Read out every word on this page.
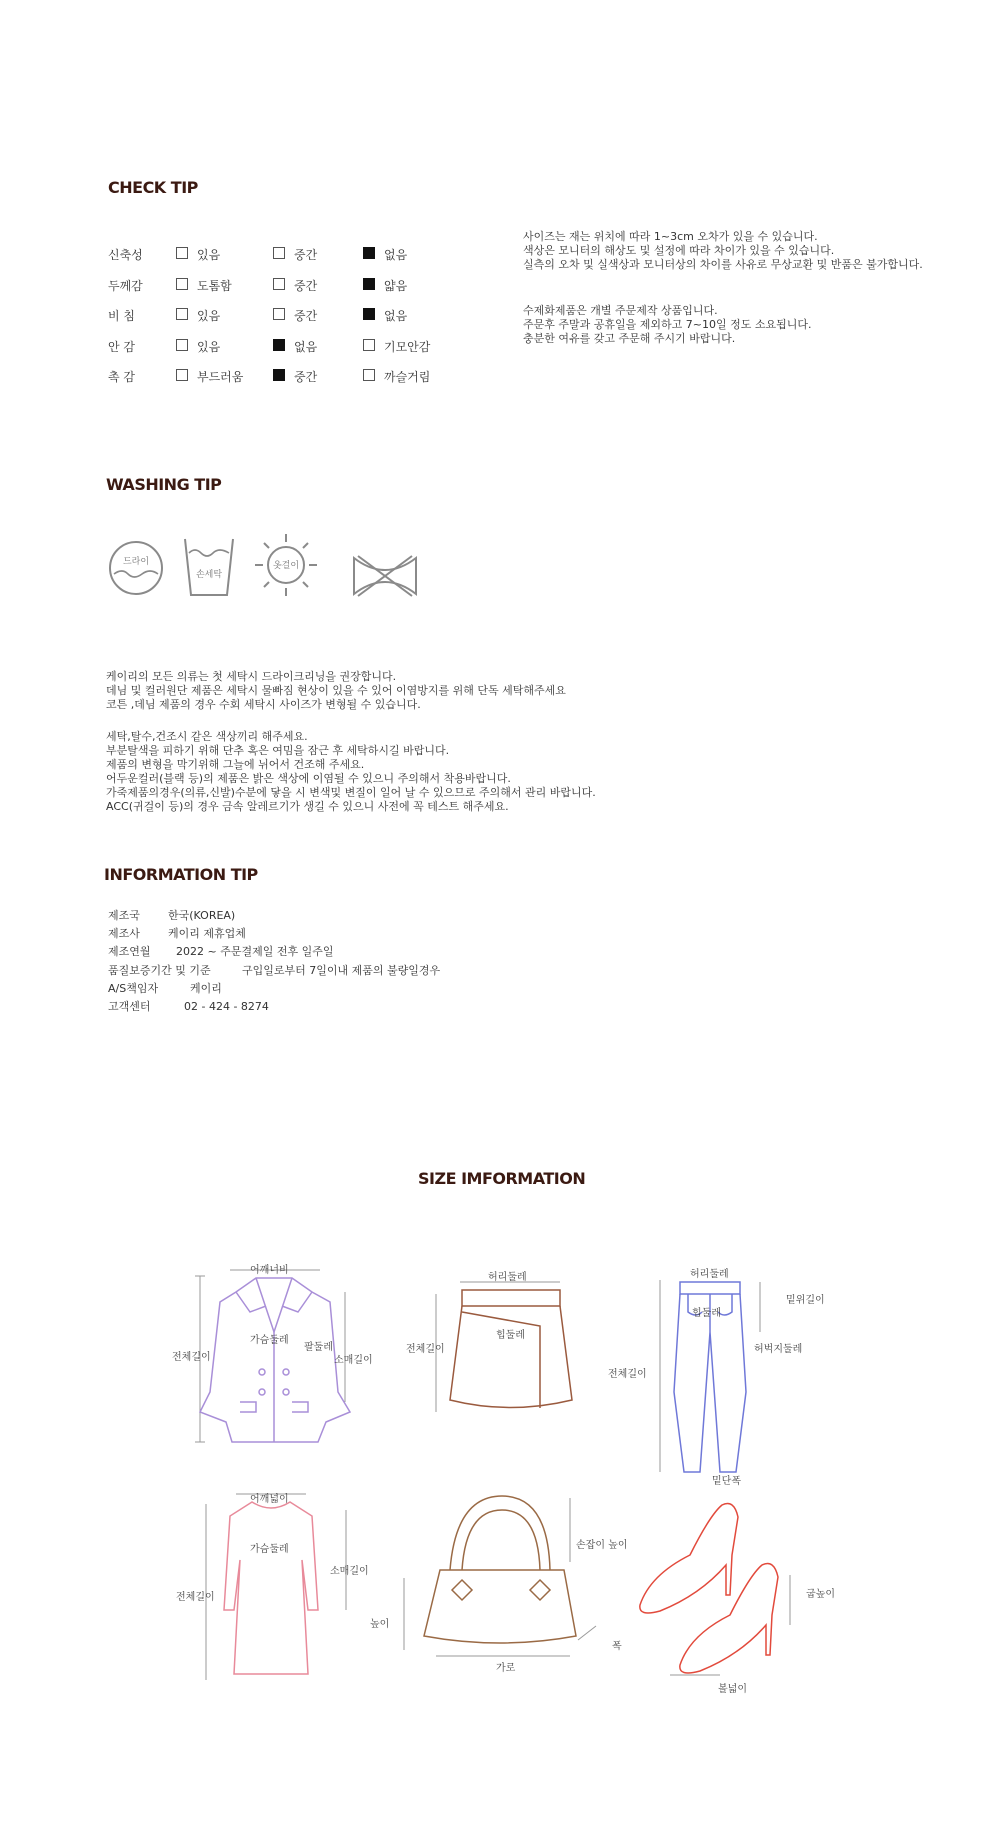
CHECK TIP
신축성	있음	중간	없음
두께감	도톰함	중간	얇음
비 침	있음	중간	없음
안 감	있음	없음	기모안감
촉 감	부드러움	중간	까슬거림
사이즈는 재는 위치에 따라 1~3cm 오차가 있을 수 있습니다.
색상은 모니터의 해상도 및 설정에 따라 차이가 있을 수 있습니다.
실측의 오차 및 실색상과 모니터상의 차이를 사유로 무상교환 및 반품은 불가합니다.
수제화제품은 개별 주문제작 상품입니다.
주문후 주말과 공휴일을 제외하고 7~10일 정도 소요됩니다.
충분한 여유를 갖고 주문해 주시기 바랍니다.
WASHING TIP
드라이
손세탁
옷걸이
케이리의 모든 의류는 첫 세탁시 드라이크리닝을 권장합니다.
데님 및 컬러원단 제품은 세탁시 물빠짐 현상이 있을 수 있어 이염방지를 위해 단독 세탁해주세요
코튼 ,데님 제품의 경우 수회 세탁시 사이즈가 변형될 수 있습니다.
세탁,탈수,건조시 같은 색상끼리 해주세요.
부분탈색을 피하기 위해 단추 혹은 여밈을 잠근 후 세탁하시길 바랍니다.
제품의 변형을 막기위해 그늘에 뉘어서 건조해 주세요.
어두운컬러(블랙 등)의 제품은 밝은 색상에 이염될 수 있으니 주의해서 착용바랍니다.
가죽제품의경우(의류,신발)수분에 닿을 시 변색및 변질이 일어 날 수 있으므로 주의해서 관리 바랍니다.
ACC(귀걸이 등)의 경우 금속 알레르기가 생길 수 있으니 사전에 꼭 테스트 해주세요.
INFORMATION TIP
제조국	한국(KOREA)
제조사	케이리 제휴업체
제조연월 2022 ~ 주문결제일 전후 일주일
품질보증기간 및 기준	구입일로부터 7일이내 제품의 불량일경우
A/S책임자	케이리
고객센터	02 - 424 - 8274
SIZE IMFORMATION
어깨너비
전체길이
가슴둘레
팔둘레
소매길이
허리둘레
전체길이
힙둘레
허리둘레
밑위길이
힙둘레
허벅지둘레
전체길이
밑단폭
어깨넓이
가슴둘레
소매길이
전체길이
손잡이 높이
높이
가로
폭
굽높이
볼넓이
